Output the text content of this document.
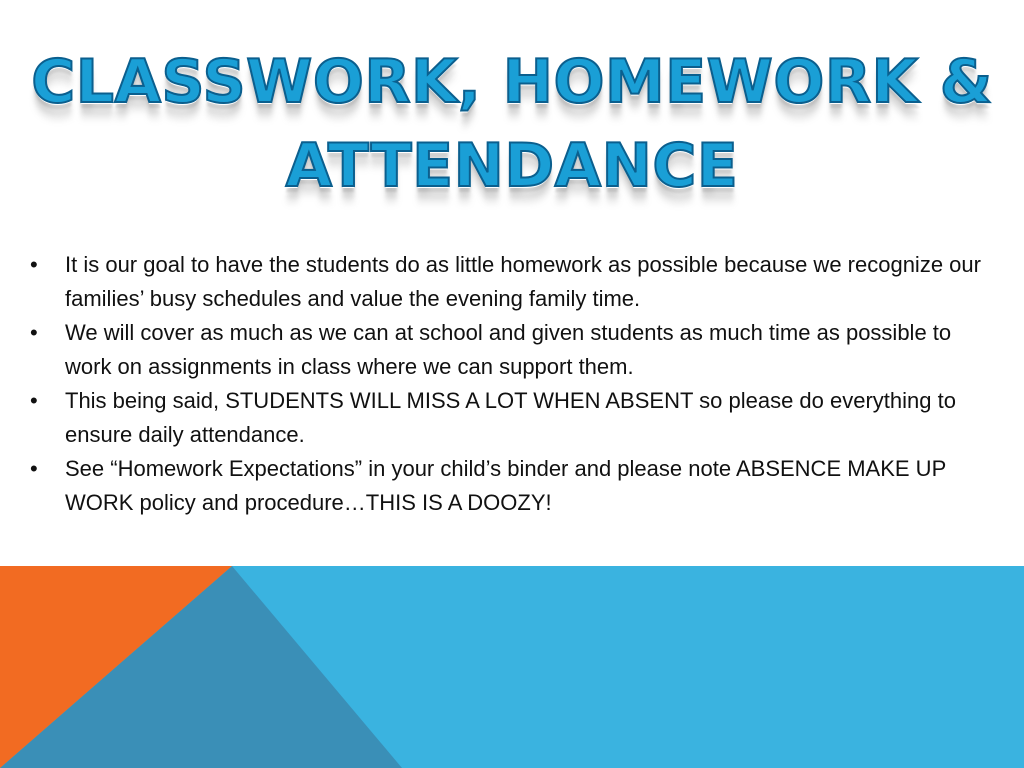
CLASSWORK, HOMEWORK &
ATTENDANCE
•	It is our goal to have the students do as little homework as possible because we recognize our families’ busy schedules and value the evening family time.
•	We will cover as much as we can at school and given students as much time as possible to work on assignments in class where we can support them.
•	This being said, STUDENTS WILL MISS A LOT WHEN ABSENT so please do everything to ensure daily attendance.
•	See “Homework Expectations” in your child’s binder and please note ABSENCE MAKE UP WORK policy and procedure…THIS IS A DOOZY!
